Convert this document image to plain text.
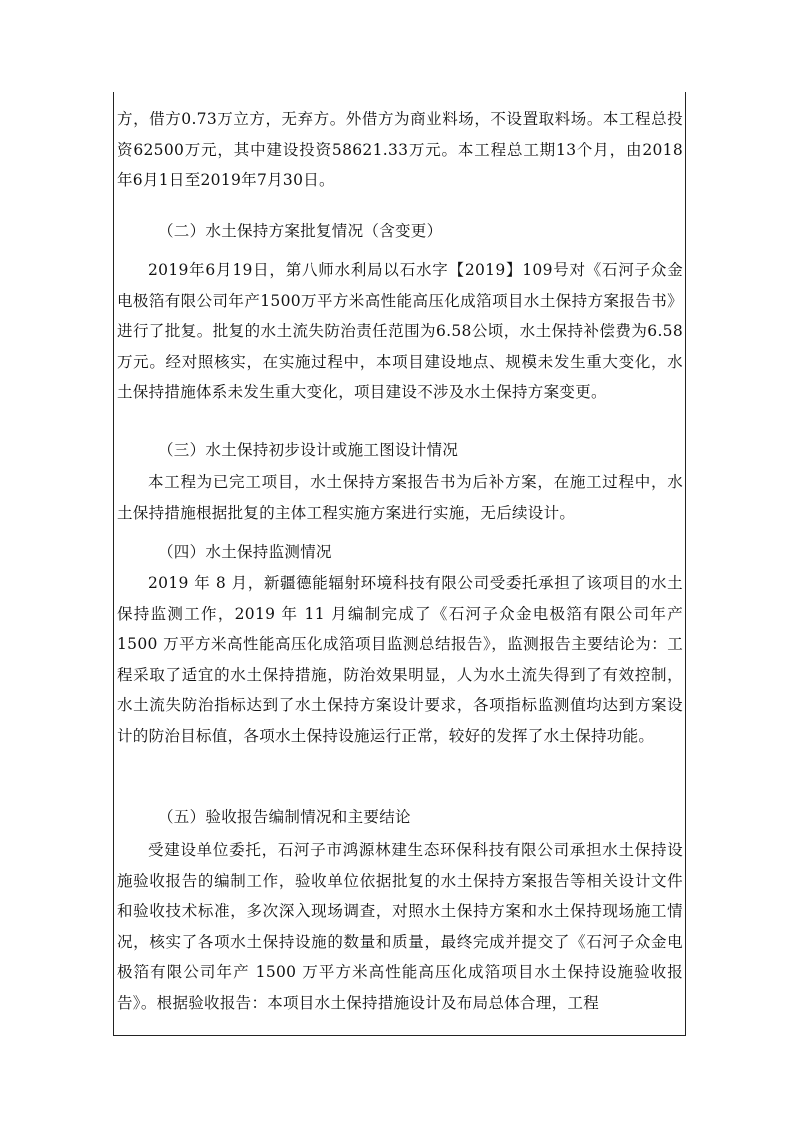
方，借方0.73万立方，无弃方。外借方为商业料场，不设置取料场。本工程总投资62500万元，其中建设投资58621.33万元。本工程总工期13个月，由2018年6月1日至2019年7月30日。

（二）水土保持方案批复情况（含变更）

2019年6月19日，第八师水利局以石水字【2019】109号对《石河子众金电极箔有限公司年产1500万平方米高性能高压化成箔项目水土保持方案报告书》进行了批复。批复的水土流失防治责任范围为6.58公顷，水土保持补偿费为6.58万元。经对照核实，在实施过程中，本项目建设地点、规模未发生重大变化，水土保持措施体系未发生重大变化，项目建设不涉及水土保持方案变更。

（三）水土保持初步设计或施工图设计情况

本工程为已完工项目，水土保持方案报告书为后补方案，在施工过程中，水土保持措施根据批复的主体工程实施方案进行实施，无后续设计。

（四）水土保持监测情况

2019 年 8 月，新疆德能辐射环境科技有限公司受委托承担了该项目的水土保持监测工作，2019 年 11 月编制完成了《石河子众金电极箔有限公司年产 1500 万平方米高性能高压化成箔项目监测总结报告》，监测报告主要结论为：工程采取了适宜的水土保持措施，防治效果明显，人为水土流失得到了有效控制，水土流失防治指标达到了水土保持方案设计要求，各项指标监测值均达到方案设计的防治目标值，各项水土保持设施运行正常，较好的发挥了水土保持功能。

（五）验收报告编制情况和主要结论

受建设单位委托，石河子市鸿源林建生态环保科技有限公司承担水土保持设施验收报告的编制工作，验收单位依据批复的水土保持方案报告等相关设计文件和验收技术标准，多次深入现场调查，对照水土保持方案和水土保持现场施工情况，核实了各项水土保持设施的数量和质量，最终完成并提交了《石河子众金电极箔有限公司年产 1500 万平方米高性能高压化成箔项目水土保持设施验收报告》。根据验收报告：本项目水土保持措施设计及布局总体合理，工程
